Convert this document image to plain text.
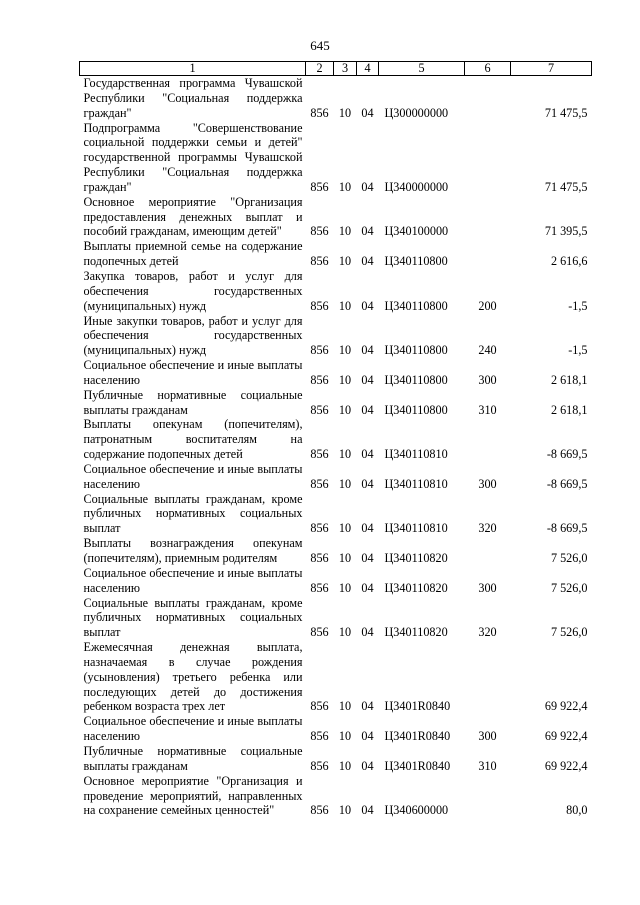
645
1	2	3	4	5	6	7
Государственная программа Чувашской Республики "Социальная поддержка граждан"	856	10	04	Ц300000000		71 475,5
Подпрограмма "Совершенствование социальной поддержки семьи и детей" государственной программы Чувашской Республики "Социальная поддержка граждан"	856	10	04	Ц340000000		71 475,5
Основное мероприятие "Организация предоставления денежных выплат и пособий гражданам, имеющим детей"	856	10	04	Ц340100000		71 395,5
Выплаты приемной семье на содержание подопечных детей	856	10	04	Ц340110800		2 616,6
Закупка товаров, работ и услуг для обеспечения государственных (муниципальных) нужд	856	10	04	Ц340110800	200	-1,5
Иные закупки товаров, работ и услуг для обеспечения государственных (муниципальных) нужд	856	10	04	Ц340110800	240	-1,5
Социальное обеспечение и иные выплаты населению	856	10	04	Ц340110800	300	2 618,1
Публичные нормативные социальные выплаты гражданам	856	10	04	Ц340110800	310	2 618,1
Выплаты опекунам (попечителям), патронатным воспитателям на содержание подопечных детей	856	10	04	Ц340110810		-8 669,5
Социальное обеспечение и иные выплаты населению	856	10	04	Ц340110810	300	-8 669,5
Социальные выплаты гражданам, кроме публичных нормативных социальных выплат	856	10	04	Ц340110810	320	-8 669,5
Выплаты вознаграждения опекунам (попечителям), приемным родителям	856	10	04	Ц340110820		7 526,0
Социальное обеспечение и иные выплаты населению	856	10	04	Ц340110820	300	7 526,0
Социальные выплаты гражданам, кроме публичных нормативных социальных выплат	856	10	04	Ц340110820	320	7 526,0
Ежемесячная денежная выплата, назначаемая в случае рождения (усыновления) третьего ребенка или последующих детей до достижения ребенком возраста трех лет	856	10	04	Ц3401R0840		69 922,4
Социальное обеспечение и иные выплаты населению	856	10	04	Ц3401R0840	300	69 922,4
Публичные нормативные социальные выплаты гражданам	856	10	04	Ц3401R0840	310	69 922,4
Основное мероприятие "Организация и проведение мероприятий, направленных на сохранение семейных ценностей"	856	10	04	Ц340600000		80,0
